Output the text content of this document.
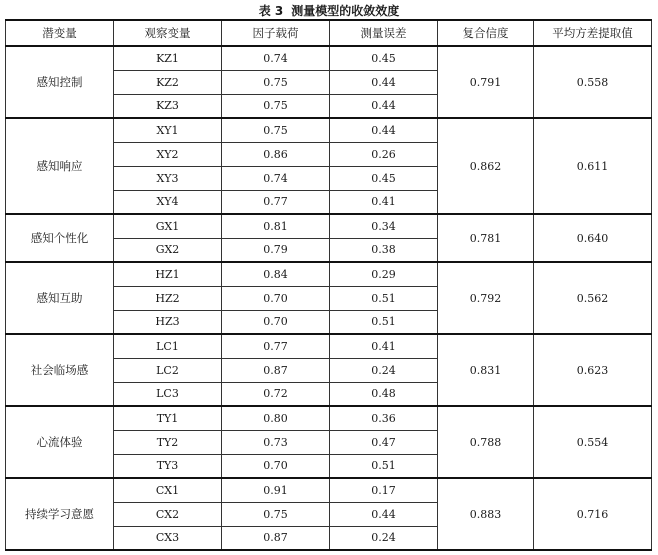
表 3 测量模型的收敛效度
潜变量	观察变量	因子载荷	测量误差	复合信度	平均方差提取值
感知控制	KZ1	0.74	0.45	0.791	0.558
	KZ2	0.75	0.44		
	KZ3	0.75	0.44		
感知响应	XY1	0.75	0.44	0.862	0.611
	XY2	0.86	0.26		
	XY3	0.74	0.45		
	XY4	0.77	0.41		
感知个性化	GX1	0.81	0.34	0.781	0.640
	GX2	0.79	0.38		
感知互助	HZ1	0.84	0.29	0.792	0.562
	HZ2	0.70	0.51		
	HZ3	0.70	0.51		
社会临场感	LC1	0.77	0.41	0.831	0.623
	LC2	0.87	0.24		
	LC3	0.72	0.48		
心流体验	TY1	0.80	0.36	0.788	0.554
	TY2	0.73	0.47		
	TY3	0.70	0.51		
持续学习意愿	CX1	0.91	0.17	0.883	0.716
	CX2	0.75	0.44		
	CX3	0.87	0.24		
